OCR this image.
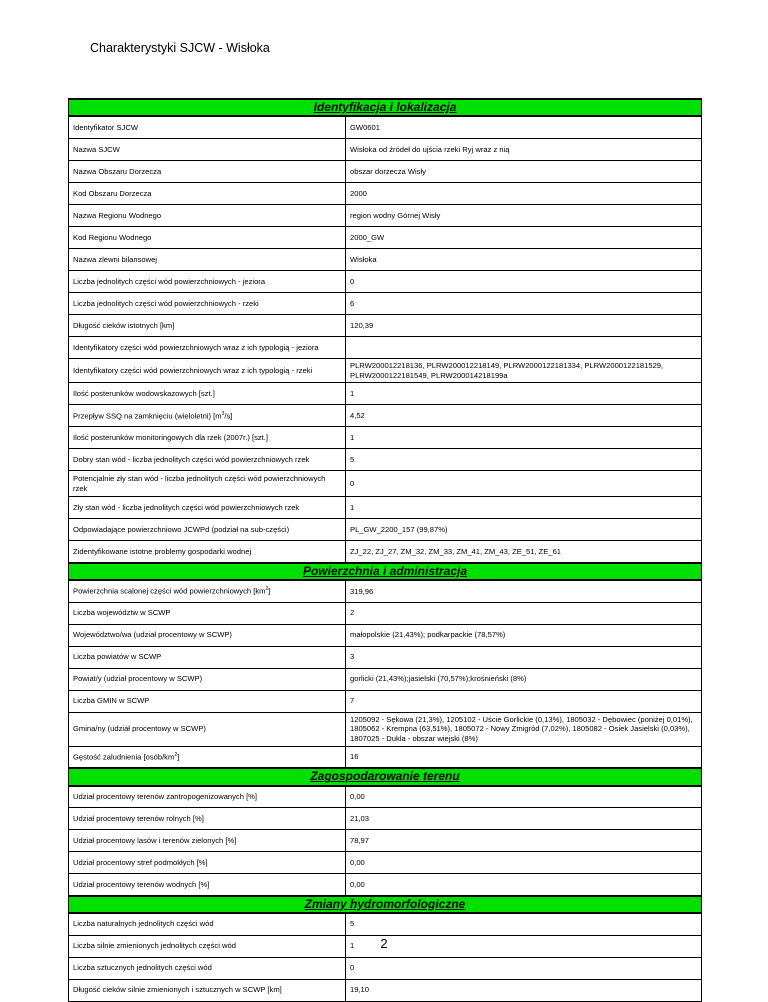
Charakterystyki SJCW - Wisłoka
Identyfikacja i lokalizacja	
Identyfikator SJCW	GW0601
Nazwa SJCW	Wisłoka od źródeł do ujścia rzeki Ryj wraz z nią
Nazwa Obszaru Dorzecza	obszar dorzecza Wisły
Kod Obszaru Dorzecza	2000
Nazwa Regionu Wodnego	region wodny Górnej Wisły
Kod Regionu Wodnego	2000_GW
Nazwa zlewni bilansowej	Wisłoka
Liczba jednolitych części wód powierzchniowych - jeziora	0
Liczba jednolitych części wód powierzchniowych - rzeki	6
Długość cieków istotnych [km]	120,39
Identyfikatory części wód powierzchniowych wraz z ich typologią - jeziora	
Identyfikatory części wód powierzchniowych wraz z ich typologią - rzeki	PLRW200012218136, PLRW200012218149, PLRW2000122181334, PLRW2000122181529, PLRW2000122181549, PLRW200014218199a
Ilość posterunków wodowskazowych [szt.]	1
Przepływ SSQ na zamknięciu (wieloletni) $[m^3/s]$	4,52
Ilość posterunków monitoringowych dla rzek (2007r.) [szt.]	1
Dobry stan wód - liczba jednolitych części wód powierzchniowych rzek	5
Potencjalnie zły stan wód - liczba jednolitych części wód powierzchniowych rzek	0
Zły stan wód - liczba jednolitych części wód powierzchniowych rzek	1
Odpowiadające powierzchniowo JCWPd (podział na sub-części)	PL_GW_2200_157 (99,87%)
Zidentyfikowane istotne problemy gospodarki wodnej	ZJ_22, ZJ_27, ZM_32, ZM_33, ZM_41, ZM_43, ZE_51, ZE_61
Powierzchnia i administracja	
Powierzchnia scalonej części wód powierzchniowych $[km^2]$	319,96
Liczba województw w SCWP	2
Województwo/wa (udział procentowy w SCWP)	małopolskie (21,43%); podkarpackie (78,57%)
Liczba powiatów w SCWP	3
Powiat/y (udział procentowy w SCWP)	gorlicki (21,43%);jasielski (70,57%);krośnieński (8%)
Liczba GMIN w SCWP	7
Gmina/ny (udział procentowy w SCWP)	1205092 - Sękowa (21,3%), 1205102 - Uście Gorlickie (0,13%), 1805032 - Dębowiec (poniżej 0,01%), 1805062 - Krempna (63,51%), 1805072 - Nowy Żmigród (7,02%), 1805082 - Osiek Jasielski (0,03%), 1807025 - Dukla - obszar wiejski (8%)
Gęstość zaludnienia $[osób/km^2]$	16
Zagospodarowanie terenu	
Udział procentowy terenów zantropogenizowanych [%]	0,00
Udział procentowy terenów rolnych [%]	21,03
Udział procentowy lasów i terenów zielonych [%]	78,97
Udział procentowy stref podmokłych [%]	0,00
Udział procentowy terenów wodnych [%]	0,00
Zmiany hydromorfologiczne	
Liczba naturalnych jednolitych części wód	5
Liczba silnie zmienionych jednolitych części wód	1
Liczba sztucznych jednolitych części wód	0
Długość cieków silnie zmienionych i sztucznych w SCWP [km]	19,10
2
